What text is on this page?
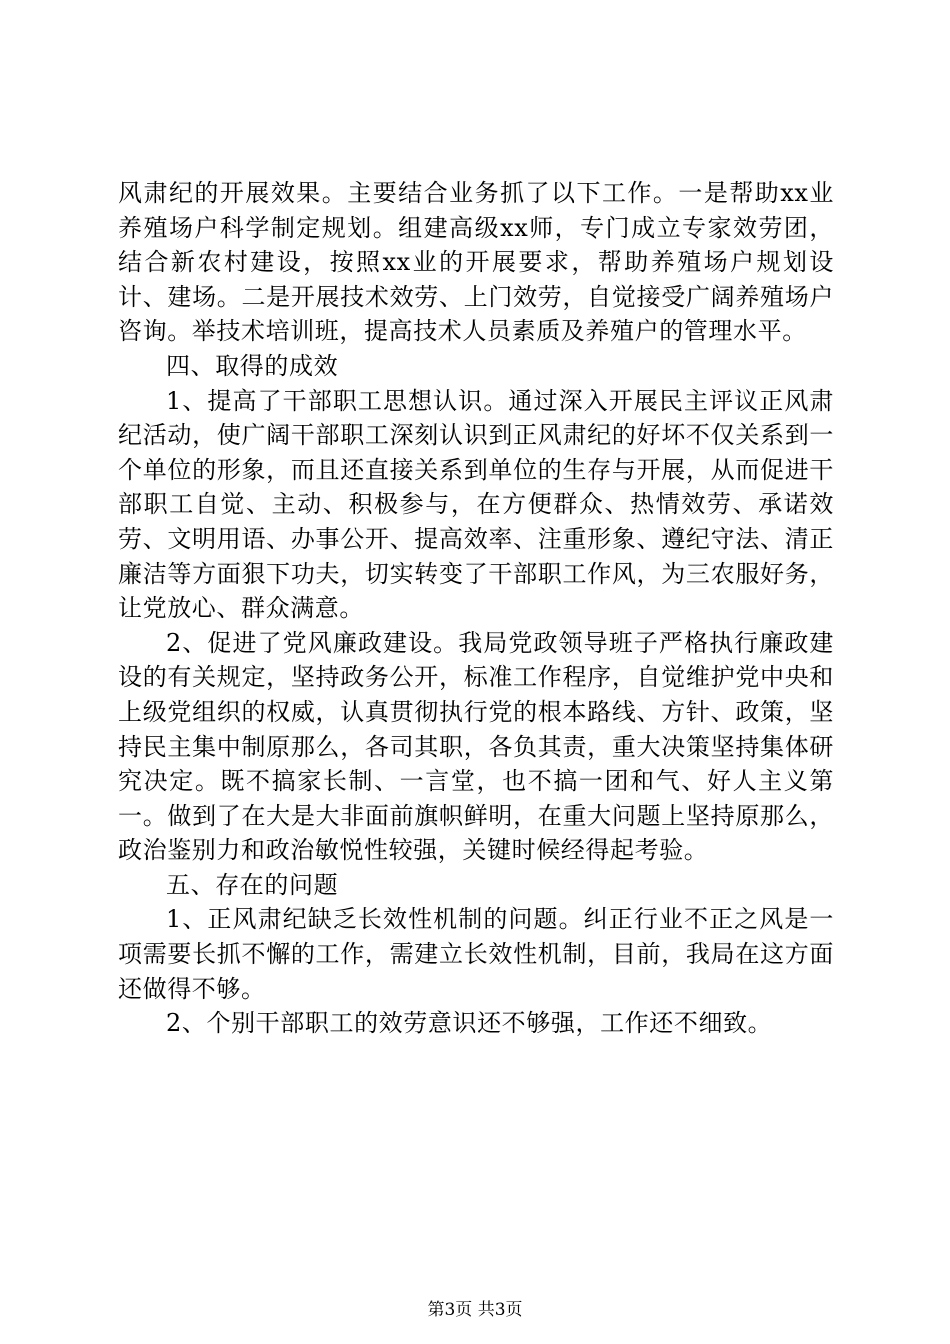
风肃纪的开展效果。主要结合业务抓了以下工作。一是帮助xx业养殖场户科学制定规划。组建高级xx师，专门成立专家效劳团，结合新农村建设，按照xx业的开展要求，帮助养殖场户规划设计、建场。二是开展技术效劳、上门效劳，自觉接受广阔养殖场户咨询。举技术培训班，提高技术人员素质及养殖户的管理水平。

四、取得的成效

1、提高了干部职工思想认识。通过深入开展民主评议正风肃纪活动，使广阔干部职工深刻认识到正风肃纪的好坏不仅关系到一个单位的形象，而且还直接关系到单位的生存与开展，从而促进干部职工自觉、主动、积极参与，在方便群众、热情效劳、承诺效劳、文明用语、办事公开、提高效率、注重形象、遵纪守法、清正廉洁等方面狠下功夫，切实转变了干部职工作风，为三农服好务，让党放心、群众满意。

2、促进了党风廉政建设。我局党政领导班子严格执行廉政建设的有关规定，坚持政务公开，标准工作程序，自觉维护党中央和上级党组织的权威，认真贯彻执行党的根本路线、方针、政策，坚持民主集中制原那么，各司其职，各负其责，重大决策坚持集体研究决定。既不搞家长制、一言堂，也不搞一团和气、好人主义第一。做到了在大是大非面前旗帜鲜明，在重大问题上坚持原那么，政治鉴别力和政治敏悦性较强，关键时候经得起考验。

五、存在的问题

1、正风肃纪缺乏长效性机制的问题。纠正行业不正之风是一项需要长抓不懈的工作，需建立长效性机制，目前，我局在这方面还做得不够。

2、个别干部职工的效劳意识还不够强，工作还不细致。

第3页 共3页
